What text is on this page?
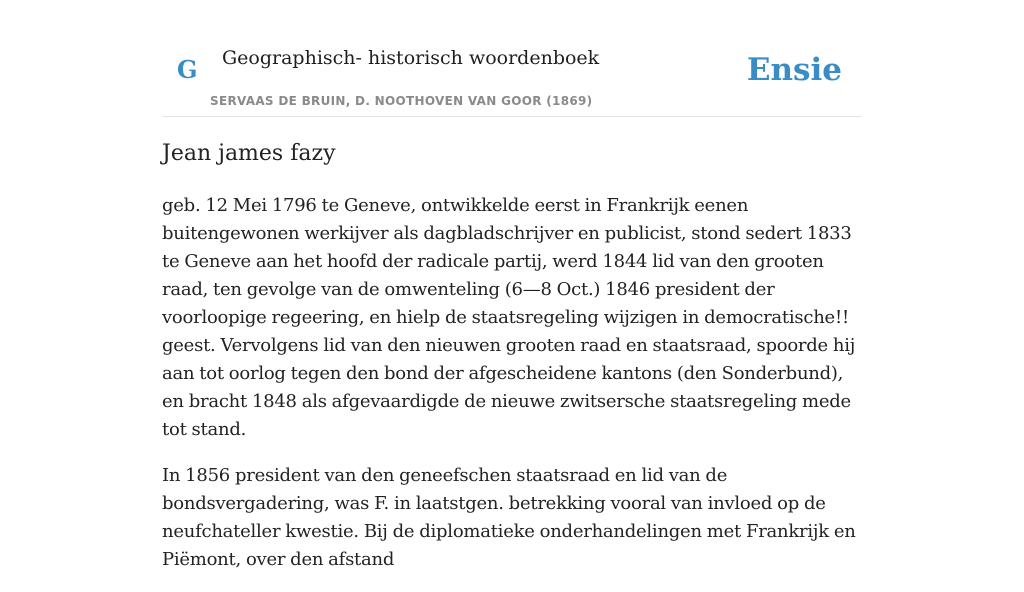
G Geographisch- historisch woordenboek
SERVAAS DE BRUIN, D. NOOTHOVEN VAN GOOR (1869)
Ensie
Jean james fazy

geb. 12 Mei 1796 te Geneve, ontwikkelde eerst in Frankrijk eenen buitengewonen werkijver als dagbladschrijver en publicist, stond sedert 1833 te Geneve aan het hoofd der radicale partij, werd 1844 lid van den grooten raad, ten gevolge van de omwenteling (6—8 Oct.) 1846 president der voorloopige regeering, en hielp de staatsregeling wijzigen in democratische!! geest. Vervolgens lid van den nieuwen grooten raad en staatsraad, spoorde hij aan tot oorlog tegen den bond der afgescheidene kantons (den Sonderbund), en bracht 1848 als afgevaardigde de nieuwe zwitsersche staatsregeling mede tot stand.

In 1856 president van den geneefschen staatsraad en lid van de bondsvergadering, was F. in laatstgen. betrekking vooral van invloed op de neufchateller kwestie. Bij de diplomatieke onderhandelingen met Frankrijk en Piëmont, over den afstand
